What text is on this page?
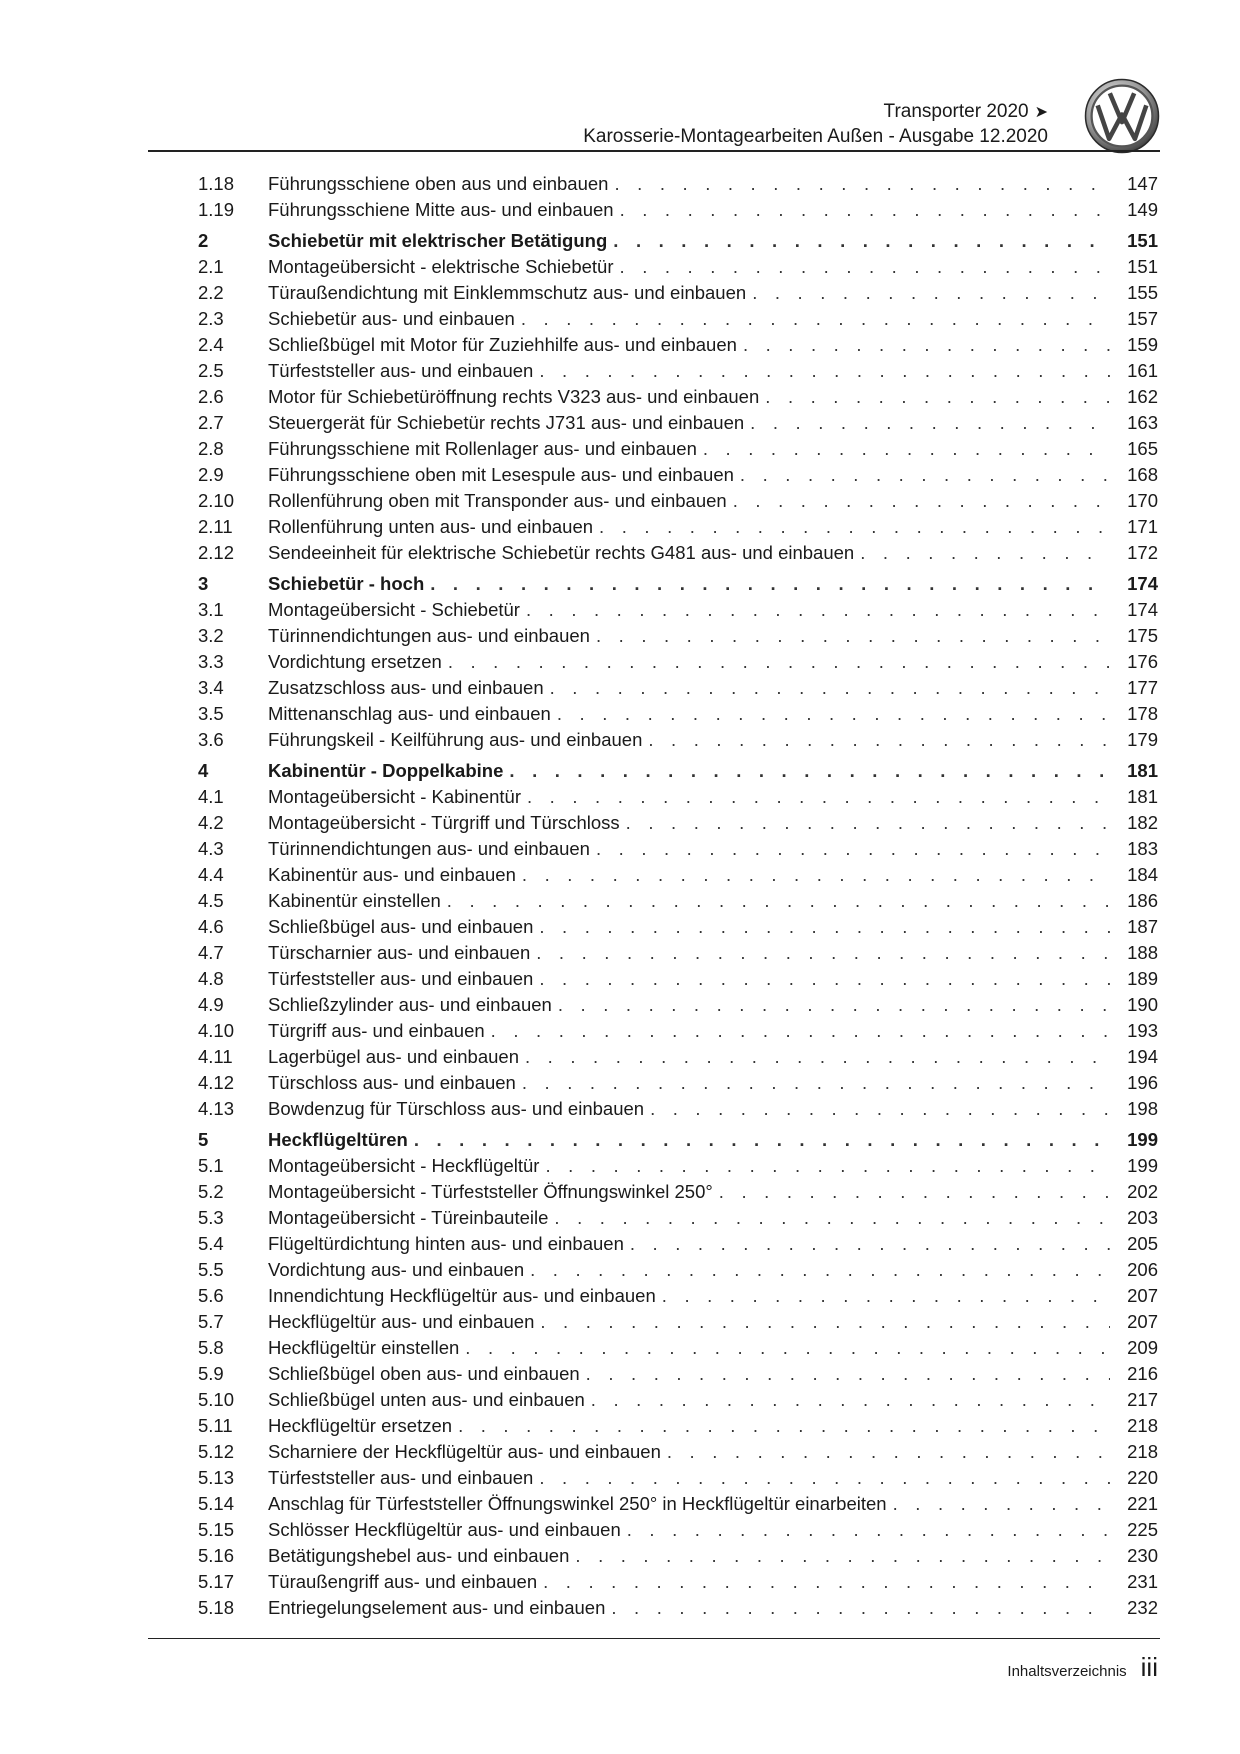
Transporter 2020 ➤
Karosserie-Montagearbeiten Außen - Ausgabe 12.2020
1.18	Führungsschiene oben aus und einbauen . . .	147
1.19	Führungsschiene Mitte aus- und einbauen . . .	149
2	Schiebetür mit elektrischer Betätigung . . .	151
2.1	Montageübersicht - elektrische Schiebetür . . .	151
2.2	Türaußendichtung mit Einklemmschutz aus- und einbauen . . .	155
2.3	Schiebetür aus- und einbauen . . .	157
2.4	Schließbügel mit Motor für Zuziehhilfe aus- und einbauen . . .	159
2.5	Türfeststeller aus- und einbauen . . .	161
2.6	Motor für Schiebetüröffnung rechts V323 aus- und einbauen . . .	162
2.7	Steuergerät für Schiebetür rechts J731 aus- und einbauen . . .	163
2.8	Führungsschiene mit Rollenlager aus- und einbauen . . .	165
2.9	Führungsschiene oben mit Lesespule aus- und einbauen . . .	168
2.10	Rollenführung oben mit Transponder aus- und einbauen . . .	170
2.11	Rollenführung unten aus- und einbauen . . .	171
2.12	Sendeeinheit für elektrische Schiebetür rechts G481 aus- und einbauen . . .	172
3	Schiebetür - hoch . . .	174
3.1	Montageübersicht - Schiebetür . . .	174
3.2	Türinnendichtungen aus- und einbauen . . .	175
3.3	Vordichtung ersetzen . . .	176
3.4	Zusatzschloss aus- und einbauen . . .	177
3.5	Mittenanschlag aus- und einbauen . . .	178
3.6	Führungskeil - Keilführung aus- und einbauen . . .	179
4	Kabinentür - Doppelkabine . . .	181
4.1	Montageübersicht - Kabinentür . . .	181
4.2	Montageübersicht - Türgriff und Türschloss . . .	182
4.3	Türinnendichtungen aus- und einbauen . . .	183
4.4	Kabinentür aus- und einbauen . . .	184
4.5	Kabinentür einstellen . . .	186
4.6	Schließbügel aus- und einbauen . . .	187
4.7	Türscharnier aus- und einbauen . . .	188
4.8	Türfeststeller aus- und einbauen . . .	189
4.9	Schließzylinder aus- und einbauen . . .	190
4.10	Türgriff aus- und einbauen . . .	193
4.11	Lagerbügel aus- und einbauen . . .	194
4.12	Türschloss aus- und einbauen . . .	196
4.13	Bowdenzug für Türschloss aus- und einbauen . . .	198
5	Heckflügeltüren . . .	199
5.1	Montageübersicht - Heckflügeltür . . .	199
5.2	Montageübersicht - Türfeststeller Öffnungswinkel 250° . . .	202
5.3	Montageübersicht - Türeinbauteile . . .	203
5.4	Flügeltürdichtung hinten aus- und einbauen . . .	205
5.5	Vordichtung aus- und einbauen . . .	206
5.6	Innendichtung Heckflügeltür aus- und einbauen . . .	207
5.7	Heckflügeltür aus- und einbauen . . .	207
5.8	Heckflügeltür einstellen . . .	209
5.9	Schließbügel oben aus- und einbauen . . .	216
5.10	Schließbügel unten aus- und einbauen . . .	217
5.11	Heckflügeltür ersetzen . . .	218
5.12	Scharniere der Heckflügeltür aus- und einbauen . . .	218
5.13	Türfeststeller aus- und einbauen . . .	220
5.14	Anschlag für Türfeststeller Öffnungswinkel 250° in Heckflügeltür einarbeiten . . .	221
5.15	Schlösser Heckflügeltür aus- und einbauen . . .	225
5.16	Betätigungshebel aus- und einbauen . . .	230
5.17	Türaußengriff aus- und einbauen . . .	231
5.18	Entriegelungselement aus- und einbauen . . .	232
Inhaltsverzeichnis iii
